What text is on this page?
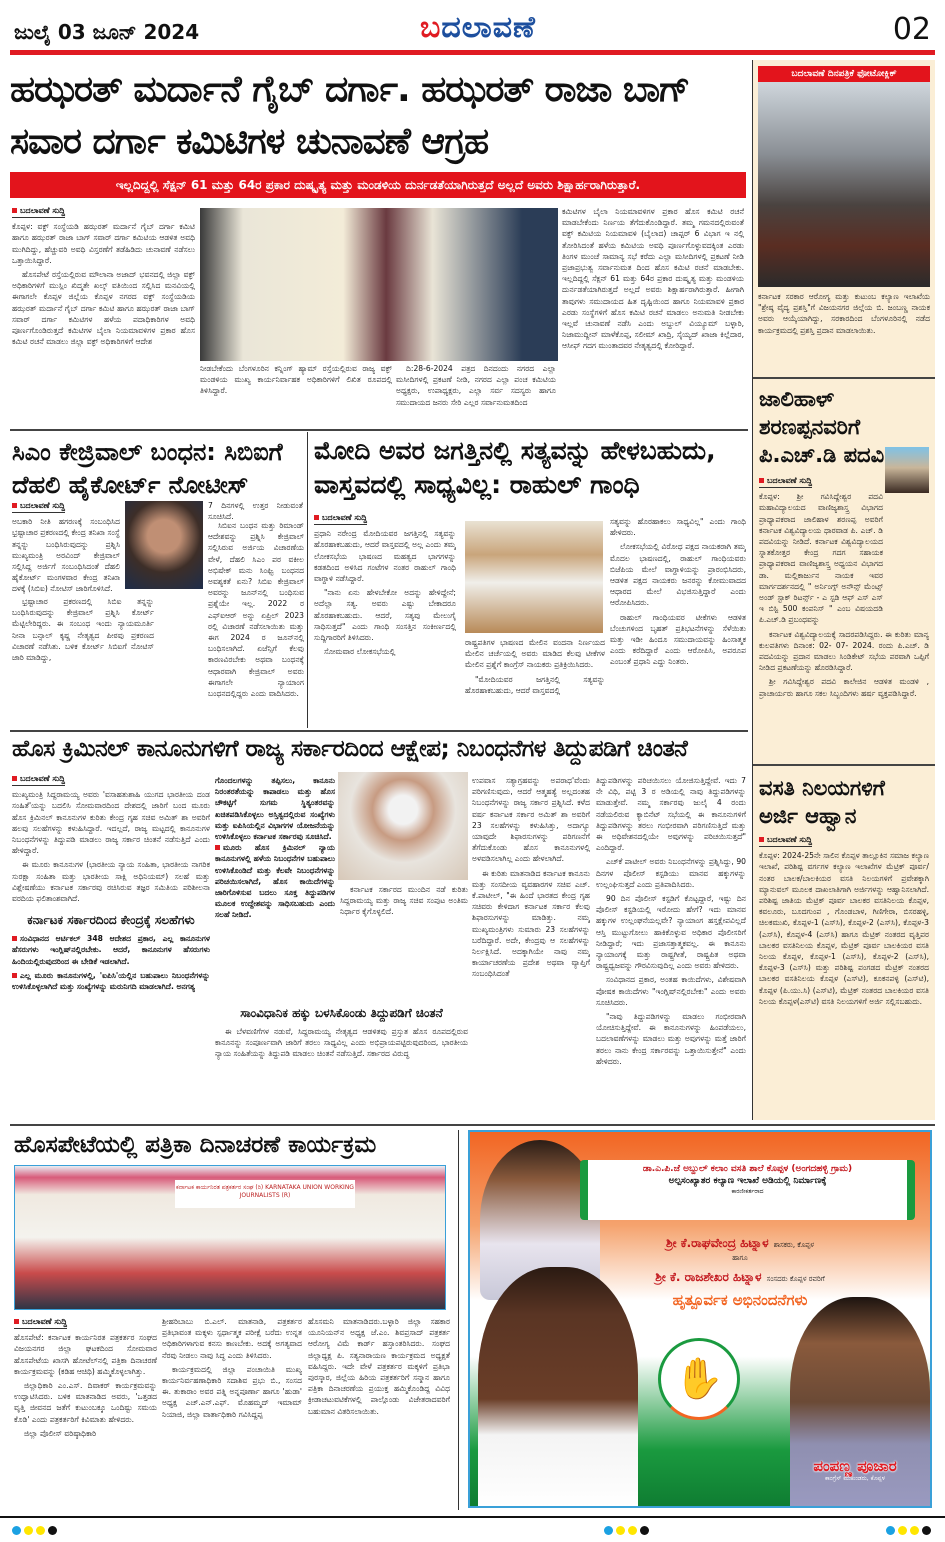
ಜುಲೈ 03 ಜೂನ್ 2024	ಬದಲಾವಣೆ	02
ಹಝರತ್ ಮರ್ದಾನೆ ಗೈಬ್ ದರ್ಗಾ. ಹಝರತ್ ರಾಜಾ ಬಾಗ್ ಸವಾರ ದರ್ಗಾ ಕಮಿಟಿಗಳ ಚುನಾವಣೆ ಆಗ್ರಹ
ಇಲ್ಲದಿದ್ದಲ್ಲಿ ಸೆಕ್ಷನ್ 61 ಮತ್ತು 64ರ ಪ್ರಕಾರ ದುಷ್ಕೃತ್ಯ ಮತ್ತು ಮಂಡಳಿಯ ದುರ್ನಡತೆಯಾಗಿರುತ್ತದೆ ಅಲ್ಲದೆ ಅವರು ಶಿಕ್ಷಾರ್ಹರಾಗಿರುತ್ತಾರೆ.
ಬದಲಾವಣೆ ಸುದ್ದಿ

ಕೊಪ್ಪಳ: ವಕ್ಫ್ ಸಂಸ್ಥೆಯಡಿ ಹಝರತ್ ಮರ್ದಾನೆ ಗೈಬ್ ದರ್ಗಾ ಕಮಿಟಿ ಹಾಗೂ ಹಝರತ್ ರಾಜಾ ಬಾಗ್ ಸವಾರ್ ದರ್ಗಾ ಕಮಿಟಿಯ ಆಡಳಿತ ಅವಧಿ ಮುಗಿದಿದ್ದು, ಹೆಚ್ಚುವರಿ ಅವಧಿ ವಿಸ್ತರಣೆಗೆ ತಡೆಹಿಡಿದು ಚುನಾವಣೆ ನಡೆಸಲು ಒತ್ತಾಯಿಸಿದ್ದಾರೆ.

ಹೊಸಪೇಟೆ ರಸ್ತೆಯಲ್ಲಿರುವ ಮೌಲಾನಾ ಅಜಾದ್ ಭವನದಲ್ಲಿ ಜಿಲ್ಲಾ ವಕ್ಫ್ ಅಧಿಕಾರಿಗಳಿಗೆ ಮುಸ್ಲಿಂ ಖಿದ್ಮತೇ ಖಲ್ಕ್ ವತಿಯಿಂದ ಸಲ್ಲಿಸಿದ ಮನವಿಯಲ್ಲಿ ಈಗಾಗಲೇ ಕೊಪ್ಪಳ ಜಿಲ್ಲೆಯ ಕೊಪ್ಪಳ ನಗರದ ವಕ್ಫ್ ಸಂಸ್ಥೆಯಡಿಯ ಹಝರತ್ ಮರ್ದಾನೆ ಗೈಬ್ ದರ್ಗಾ ಕಮಿಟಿ ಹಾಗೂ ಹಝರತ್ ರಾಜಾ ಬಾಗ್ ಸವಾರ್ ದರ್ಗಾ ಕಮಿಟಿಗಳ ಹಳೆಯ ಪದಾಧಿಕಾರಿಗಳ ಅವಧಿ ಪೂರ್ಣಗೊಂಡಿರುತ್ತದೆ ಕಮಿಟಿಗಳ ಬೈಲಾ ನಿಯಮಾವಳಿಗಳ ಪ್ರಕಾರ ಹೊಸ ಕಮಿಟಿ ರಚನೆ ಮಾಡಲು ಜಿಲ್ಲಾ ವಕ್ಫ್ ಅಧಿಕಾರಿಗಳಿಗೆ ಆದೇಶ

ನೀಡಬೇಕೆಂದು ಬೆಂಗಳೂರಿನ ಕನ್ನಿಂಗ್ ಹ್ಯಾಮ್ ರಸ್ತೆಯಲ್ಲಿರುವ ರಾಜ್ಯ ವಕ್ಫ್ ಮಂಡಳಿಯ ಮುಖ್ಯ ಕಾರ್ಯನಿರ್ವಾಹಕ ಅಧಿಕಾರಿಗಳಿಗೆ ಲಿಖಿತ ರೂಪದಲ್ಲಿ ತಿಳಿಸಿದ್ದಾರೆ.

ದಿ:28-6-2024 ಪತ್ರದ ದಿನದಂದು ನಗರದ ಎಲ್ಲಾ ಮಸೀದಿಗಳಲ್ಲಿ ಪ್ರಕಟಣೆ ನೀಡಿ, ನಗರದ ಎಲ್ಲಾ ಪಂಚ ಕಮಿಟಿಯ ಅಧ್ಯಕ್ಷರು, ಉಪಾಧ್ಯಕ್ಷರು, ಎಲ್ಲಾ ಸರ್ವ ಸದಸ್ಯರು ಹಾಗೂ ಸಮುದಾಯದ ಜನರು ಸೇರಿ ಎಲ್ಲರ ಸರ್ವಾನುಮತದಿಂದ

ಕಮಿಟಿಗಳ ಬೈಲಾ ನಿಯಮಾವಳಿಗಳ ಪ್ರಕಾರ ಹೊಸ ಕಮಿಟಿ ರಚನೆ ಮಾಡಬೇಕೆಂದು ನಿರ್ಣಯ ತೆಗೆದುಕೊಂಡಿದ್ದಾರೆ. ತಮ್ಮ ಗಮನದಲ್ಲಿರುವಂತೆ ವಕ್ಫ್ ಕಮಿಟಿಯ ನಿಯಮಾವಳಿ (ಬೈಲಾದ) ಚಾಪ್ಟರ್ 6 ವಿಭಾಗ ಇ ನಲ್ಲಿ ತೋರಿಸಿದಂತೆ ಹಳೆಯ ಕಮಿಟಿಯ ಅವಧಿ ಪೂರ್ಣಗೊಳ್ಳುವದಕ್ಕಿಂತ ಎರಡು ತಿಂಗಳ ಮುಂಚೆ ಸಾಮಾನ್ಯ ಸಭೆ ಕರೆದು ಎಲ್ಲಾ ಮಸೀದಿಗಳಲ್ಲಿ ಪ್ರಕಟಣೆ ನೀಡಿ ಪ್ರಜಾಪ್ರಭುತ್ವ ಸರ್ವಾನುಮತ ದಿಂದ ಹೊಸ ಕಮಿಟಿ ರಚನೆ ಮಾಡಬೇಕು. ಇಲ್ಲದಿದ್ದಲ್ಲಿ ಸೆಕ್ಷನ್ 61 ಮತ್ತು 64ರ ಪ್ರಕಾರ ದುಷ್ಕೃತ್ಯ ಮತ್ತು ಮಂಡಳಿಯ ದುರ್ನಡತೆಯಾಗಿರುತ್ತದೆ ಅಲ್ಲದೆ ಅವರು ಶಿಕ್ಷಾರ್ಹರಾಗಿರುತ್ತಾರೆ. ಹೀಗಾಗಿ ತಾವುಗಳು ಸಮುದಾಯದ ಹಿತ ದೃಷ್ಟಿಯಿಂದ ಹಾಗೂ ನಿಯಮಾವಳಿ ಪ್ರಕಾರ ಎರಡು ಸಂಸ್ಥೆಗಳಿಗೆ ಹೊಸ ಕಮಿಟಿ ರಚನೆ ಮಾಡಲು ಅನುಮತಿ ನೀಡಬೇಕು ಇಲ್ಲವೆ ಚುನಾವಣೆ ನಡೆಸಿ ಎಂದು ಅಬ್ದುಲ್ ವಿಯ್ಯೂಮ್ ಬಳ್ಳಾರಿ, ನಿಜಾಮುದ್ದೀನ್ ಮಾಳೆಕೊಪ್ಪ, ಸಲೀಮ್ ಖಾದ್ರಿ, ಸೈಯ್ಯದ್ ಖಾಜಾ ಕಿಲ್ಲೆದಾರ, ಆಸೀಫ್ ಗದಗ ಮುಂತಾದವರ ನೇತೃತ್ವದಲ್ಲಿ ಕೋರಿದ್ದಾರೆ.

ಬದಲಾವಣೆ ದಿನಪತ್ರಿಕೆ ಫೋಟೋಕ್ಲಿಕ್

ಕರ್ನಾಟಕ ಸರಕಾರ ಆರೋಗ್ಯ ಮತ್ತು ಕುಟುಂಬ ಕಲ್ಯಾಣ ಇಲಾಖೆಯ "ಶ್ರೇಷ್ಠ ವೈದ್ಯ ಪ್ರಶಸ್ತಿ"ಗೆ ವಿಜಯನಗರ ಜಿಲ್ಲೆಯ ಬಿ. ಜಂಬಣ್ಣ ನಾಯಕ ಅವರು ಆಯ್ಕೆಯಾಗಿದ್ದು, ಸರಕಾರದಿಂದ ಬೆಂಗಳೂರಿನಲ್ಲಿ ನಡೆದ ಕಾರ್ಯಕ್ರಮದಲ್ಲಿ ಪ್ರಶಸ್ತಿ ಪ್ರದಾನ ಮಾಡಲಾಯಿತು.

ಜಾಲಿಹಾಳ್ ಶರಣಪ್ಪನವರಿಗೆ ಪಿ.ಎಚ್.ಡಿ ಪದವಿ
ಬದಲಾವಣೆ ಸುದ್ದಿ

ಕೊಪ್ಪಳ: ಶ್ರೀ ಗವಿಸಿದ್ದೇಶ್ವರ ಪದವಿ ಮಹಾವಿದ್ಯಾಲಯದ ವಾಣಿಜ್ಯಶಾಸ್ತ್ರ ವಿಭಾಗದ ಪ್ರಾಧ್ಯಾಪಕರಾದ ಜಾಲಿಹಾಳ ಶರಣಪ್ಪ ಅವರಿಗೆ ಕರ್ನಾಟಕ ವಿಶ್ವವಿದ್ಯಾಲಯ ಧಾರವಾಡ ಪಿ. ಎಚ್. ಡಿ ಪದವಿಯನ್ನು ನೀಡಿದೆ. ಕರ್ನಾಟಕ ವಿಶ್ವವಿದ್ಯಾಲಯದ ಸ್ನಾತಕೋತ್ತರ ಕೇಂದ್ರ ಗದಗ ಸಹಾಯಕ ಪ್ರಾಧ್ಯಾಪಕರಾದ ವಾಣಿಜ್ಯಶಾಸ್ತ್ರ ಅಧ್ಯಯನ ವಿಭಾಗದ ಡಾ. ಮಲ್ಲಿಕಾರ್ಜುನ ನಾಯಕ ಇವರ ಮಾರ್ಗದರ್ಶನದಲ್ಲಿ " ಅರ್ನಿಂಗ್ಸ್ ಅನೌನ್ಸ್ ಮೆಂಟ್ಸ್ ಅಂಡ್ ಸ್ಟಾಕ್ ರಿಟರ್ನ್ಸ್ - ಎ ಸ್ಟಡಿ ಆಫ್ ಎಸ್ ಎಸ್ ಇ ಬಿಸ್ಟಿ 500 ಕಂಪನಿಸ್ " ಎಂಬ ವಿಷಯದಡಿ ಪಿ.ಎಚ್.ಡಿ ಪ್ರಬಂಧವನ್ನು

ಕರ್ನಾಟಕ ವಿಶ್ವವಿದ್ಯಾಲಯಕ್ಕೆ ಸಾದರಪಡಿಸಿದ್ದರು. ಈ ಕುರಿತು ಮಾನ್ಯ ಕುಲಪತಿಗಳು ದಿನಾಂಕ: 02- 07- 2024. ರಂದು ಪಿ.ಎಚ್. ಡಿ ಪದವಿಯನ್ನು ಪ್ರದಾನ ಮಾಡಲು ಸಿಂಡಿಕೇಟ್ ಸಭೆಯ ಪರವಾಗಿ ಒಪ್ಪಿಗೆ ನೀಡಿದ ಪ್ರಕಟಣೆಯನ್ನು ಹೊರಡಿಸಿದ್ದಾರೆ.

ಶ್ರೀ ಗವಿಸಿದ್ದೇಶ್ವರ ಪದವಿ ಕಾಲೇಜಿನ ಆಡಳಿತ ಮಂಡಳಿ , ಪ್ರಾಚಾರ್ಯರು ಹಾಗೂ ಸಕಲ ಸಿಬ್ಬಂದಿಗಳು ಹರ್ಷ ವ್ಯಕ್ತಪಡಿಸಿದ್ದಾರೆ.

ವಸತಿ ನಿಲಯಗಳಿಗೆ ಅರ್ಜಿ ಆಹ್ವಾನ
ಬದಲಾವಣೆ ಸುದ್ದಿ

ಕೊಪ್ಪಳ: 2024-25ನೇ ಸಾಲಿನ ಕೊಪ್ಪಳ ತಾಲ್ಲೂಕಿನ ಸಮಾಜ ಕಲ್ಯಾಣ ಇಲಾಖೆ, ಪರಿಶಿಷ್ಟ ವರ್ಗಗಳ ಕಲ್ಯಾಣ ಇಲಾಖೆಗಳ ಮೆಟ್ರಿಕ್ ಪೂರ್ವ/ನಂತರ ಬಾಲಕ/ಬಾಲಕಿಯರ ವಸತಿ ನಿಲಯಗಳಿಗೆ ಪ್ರವೇಶಕ್ಕಾಗಿ ಮ್ಯಾನುವಲ್ ಮೂಲಕ ದಾಖಲಾತಿಗಾಗಿ ಅರ್ಜಿಗಳನ್ನು ಆಹ್ವಾನಿಸಲಾಗಿದೆ. ಪರಿಶಿಷ್ಟ ಜಾತಿಯ ಮೆಟ್ರಿಕ್ ಪೂರ್ವ ಬಾಲಕರ ವಸತಿನಿಲಯ ಕೊಪ್ಪಳ, ಕವಲೂರು, ಬೂದಗುಂಪ , ಗೊಂಡಬಾಳ, ಗಿಣಿಗೇರಾ, ಬಿಸರಹಳ್ಳಿ, ಚಿಲಕಮುಖಿ, ಕೊಪ್ಪಳ-1 (ಎಸ್‌ಸಿ), ಕೊಪ್ಪಳ-2 (ಎಸ್‌ಸಿ), ಕೊಪ್ಪಳ-3 (ಎಸ್‌ಸಿ), ಕೊಪ್ಪಳ-4 (ಎಸ್‌ಸಿ) ಹಾಗೂ ಮೆಟ್ರಿಕ್ ನಂತರದ ವೃತ್ತಿಪರ ಬಾಲಕರ ವಸತಿನಿಲಯ ಕೊಪ್ಪಳ, ಮೆಟ್ರಿಕ್ ಪೂರ್ವ ಬಾಲಕಿಯರ ವಸತಿ ನಿಲಯ ಕೊಪ್ಪಳ, ಕೊಪ್ಪಳ-1 (ಎಸ್‌ಸಿ), ಕೊಪ್ಪಳ-2 (ಎಸ್‌ಸಿ), ಕೊಪ್ಪಳ-3 (ಎಸ್‌ಸಿ) ಮತ್ತು ಪರಿಶಿಷ್ಟ ಪಂಗಡದ ಮೆಟ್ರಿಕ್ ನಂತರದ ಬಾಲಕರ ವಸತಿನಿಲಯ ಕೊಪ್ಪಳ (ಎಸ್‌ಟಿ), ಕೂಕನಪಳ್ಳಿ (ಎಸ್‌ಟಿ), ಕೊಪ್ಪಳ (ಪಿ.ಯು.ಸಿ) (ಎಸ್‌ಟಿ), ಮೆಟ್ರಿಕ್ ನಂತರದ ಬಾಲಕಿಯರ ವಸತಿ ನಿಲಯ ಕೊಪ್ಪಳ(ಎಸ್‌ಟಿ) ವಸತಿ ನಿಲಯಗಳಿಗೆ ಅರ್ಜಿ ಸಲ್ಲಿಸಬಹುದು.

ಸಿಎಂ ಕೇಜ್ರಿವಾಲ್ ಬಂಧನ: ಸಿಬಿಐಗೆ ದೆಹಲಿ ಹೈಕೋರ್ಟ್ ನೋಟೀಸ್
ಬದಲಾವಣೆ ಸುದ್ದಿ

ಅಬಕಾರಿ ನೀತಿ ಹಗರಣಕ್ಕೆ ಸಂಬಂಧಿಸಿದ ಭ್ರಷ್ಟಾಚಾರ ಪ್ರಕರಣದಲ್ಲಿ ಕೇಂದ್ರ ತನಿಖಾ ಸಂಸ್ಥೆ ತನ್ನನ್ನು ಬಂಧಿಸಿರುವುದನ್ನು ಪ್ರಶ್ನಿಸಿ ಮುಖ್ಯಮಂತ್ರಿ ಅರವಿಂದ್ ಕೇಜ್ರಿವಾಲ್ ಸಲ್ಲಿಸಿದ್ದ ಅರ್ಜಿಗೆ ಸಂಬಂಧಿಸಿದಂತೆ ದೆಹಲಿ ಹೈಕೋರ್ಟ್ ಮಂಗಳವಾರ ಕೇಂದ್ರ ತನಿಖಾ ದಳಕ್ಕೆ (ಸಿಬಿಐ) ನೋಟಿಸ್ ಜಾರಿಗೊಳಿಸಿದೆ.

ಭ್ರಷ್ಟಾಚಾರ ಪ್ರಕರಣದಲ್ಲಿ ಸಿಬಿಐ ತನ್ನನ್ನು ಬಂಧಿಸಿರುವುದನ್ನು ಕೇಜ್ರಿವಾಲ್ ಪ್ರಶ್ನಿಸಿ ಕೋರ್ಟ್ ಮೆಟ್ಟಿಲೇರಿದ್ದರು. ಈ ಸಂಬಂಧ ಇಂದು ನ್ಯಾಯಮೂರ್ತಿ ನೀನಾ ಬನ್ಸಾಲ್ ಕೃಷ್ಣ ನೇತೃತ್ವದ ಪೀಠವು ಪ್ರಕರಣದ ವಿಚಾರಣೆ ನಡೆಸಿತು. ಬಳಿಕ ಕೋರ್ಟ್ ಸಿಬಿಐಗೆ ನೋಟಿಸ್ ಜಾರಿ ಮಾಡಿದ್ದು,

7 ದಿನಗಳಲ್ಲಿ ಉತ್ತರ ನೀಡುವಂತೆ ಸೂಚಿಸಿದೆ.

ಸಿಬಿಐನ ಬಂಧನ ಮತ್ತು ರಿಮಾಂಡ್ ಆದೇಶವನ್ನು ಪ್ರಶ್ನಿಸಿ ಕೇಜ್ರಿವಾಲ್ ಸಲ್ಲಿಸಿರುವ ಅರ್ಜಿಯ ವಿಚಾರಣೆಯ ವೇಳೆ, ದೆಹಲಿ ಸಿಎಂ ಪರ ವಕೀಲ ಅಭಿಷೇಕ್ ಮನು ಸಿಂಘ್ವಿ ಬಂಧನದ ಅವಶ್ಯಕತೆ ಏನು? ಸಿಬಿಐ ಕೇಜ್ರಿವಾಲ್ ಅವರನ್ನು ಜೂನ್‌ನಲ್ಲಿ ಬಂಧಿಸುವ ಪ್ರಶ್ನೆಯೇ ಇಲ್ಲ. 2022 ರ ಎಫ್‌ಐಆರ್ ಅನ್ನು ಏಪ್ರಿಲ್ 2023 ರಲ್ಲಿ ವಿಚಾರಣೆ ನಡೆಸಲಾಯಿತು ಮತ್ತು ಈಗ 2024 ರ ಜೂನ್‌ನಲ್ಲಿ ಬಂಧಿಸಲಾಗಿದೆ. ಏಜೆನ್ಸಿಗೆ ಕೆಲವು ಕಾರಣವಿರಬೇಕು ಅಥವಾ ಬಂಧನಕ್ಕೆ ಆಧಾರವಾಗಿ ಕೇಜ್ರಿವಾಲ್ ಅವರು ಈಗಾಗಲೇ ನ್ಯಾಯಾಂಗ ಬಂಧನದಲ್ಲಿದ್ದರು ಎಂದು ವಾದಿಸಿದರು.

ಮೋದಿ ಅವರ ಜಗತ್ತಿನಲ್ಲಿ ಸತ್ಯವನ್ನು ಹೇಳಬಹುದು, ವಾಸ್ತವದಲ್ಲಿ ಸಾಧ್ಯವಿಲ್ಲ: ರಾಹುಲ್ ಗಾಂಧಿ
ಬದಲಾವಣೆ ಸುದ್ದಿ

ಪ್ರಧಾನಿ ನರೇಂದ್ರ ಮೋದಿಯವರ ಜಗತ್ತಿನಲ್ಲಿ ಸತ್ಯವನ್ನು ಹೊರಹಾಕಬಹುದು, ಆದರೆ ವಾಸ್ತವದಲ್ಲಿ ಅಲ್ಲ ಎಂದು ತಮ್ಮ ಲೋಕಸಭೆಯ ಭಾಷಣದ ಮಹತ್ವದ ಭಾಗಗಳನ್ನು ಕಡತದಿಂದ ಅಳಿಸಿದ ಗಂಟೆಗಳ ನಂತರ ರಾಹುಲ್ ಗಾಂಧಿ ವಾಗ್ದಾಳಿ ನಡೆಸಿದ್ದಾರೆ.

"ನಾನು ಏನು ಹೇಳಬೇಕೋ ಅದನ್ನು ಹೇಳಿದ್ದೇನೆ; ಅದೆಲ್ಲಾ ಸತ್ಯ. ಅವರು ಎಷ್ಟು ಬೇಕಾದರೂ ಹೊರಹಾಕಬಹುದು. ಆದರೆ, ಸತ್ಯವು ಮೇಲುಗೈ ಸಾಧಿಸುತ್ತದೆ" ಎಂದು ಗಾಂಧಿ ಸಂಸತ್ತಿನ ಸಂಕೀರ್ಣದಲ್ಲಿ ಸುದ್ದಿಗಾರರಿಗೆ ತಿಳಿಸಿದರು.

ಸೋಮವಾರ ಲೋಕಸಭೆಯಲ್ಲಿ

ರಾಷ್ಟ್ರಪತಿಗಳ ಭಾಷಣದ ಮೇಲಿನ ವಂದನಾ ನಿರ್ಣಯದ ಮೇಲಿನ ಚರ್ಚೆಯಲ್ಲಿ ಅವರು ಮಾಡಿದ ಕೆಲವು ಟೀಕೆಗಳ ಮೇಲಿನ ಪ್ರಶ್ನೆಗೆ ಕಾಂಗ್ರೆಸ್ ನಾಯಕರು ಪ್ರತಿಕ್ರಿಯಿಸಿದರು.

"ಮೋದಿಯವರ ಜಗತ್ತಿನಲ್ಲಿ ಸತ್ಯವನ್ನು ಹೊರಹಾಕಬಹುದು, ಆದರೆ ವಾಸ್ತವದಲ್ಲಿ

ಸತ್ಯವನ್ನು ಹೊರಹಾಕಲು ಸಾಧ್ಯವಿಲ್ಲ" ಎಂದು ಗಾಂಧಿ ಹೇಳಿದರು.

ಲೋಕಸಭೆಯಲ್ಲಿ ವಿರೋಧ ಪಕ್ಷದ ನಾಯಕರಾಗಿ ತಮ್ಮ ಮೊದಲ ಭಾಷಣದಲ್ಲಿ, ರಾಹುಲ್ ಗಾಂಧಿಯವರು ಬಿಜೆಪಿಯ ಮೇಲೆ ವಾಗ್ದಾಳಿಯನ್ನು ಪ್ರಾರಂಭಿಸಿದರು, ಆಡಳಿತ ಪಕ್ಷದ ನಾಯಕರು ಜನರನ್ನು ಕೋಮುವಾದದ ಆಧಾರದ ಮೇಲೆ ವಿಭಜಿಸುತ್ತಿದ್ದಾರೆ ಎಂದು ಆರೋಪಿಸಿದರು.

ರಾಹುಲ್ ಗಾಂಧಿಯವರ ಟೀಕೆಗಳು ಆಡಳಿತ ಬೆಂಚುಗಳಿಂದ ಬೃಹತ್ ಪ್ರತಿಭಟನೆಗಳನ್ನು ಸೆಳೆಯಿತು ಮತ್ತು ಇಡೀ ಹಿಂದೂ ಸಮುದಾಯವನ್ನು ಹಿಂಸಾತ್ಮಕ ಎಂದು ಕರೆದಿದ್ದಾರೆ ಎಂದು ಆರೋಪಿಸಿ, ಅಪರೂಪ ಎಂಬಂತೆ ಪ್ರಧಾನಿ ಎದ್ದು ನಿಂತರು.

ಹೊಸ ಕ್ರಿಮಿನಲ್ ಕಾನೂನುಗಳಿಗೆ ರಾಜ್ಯ ಸರ್ಕಾರದಿಂದ ಆಕ್ಷೇಪ; ನಿಬಂಧನೆಗಳ ತಿದ್ದುಪಡಿಗೆ ಚಿಂತನೆ
ಬದಲಾವಣೆ ಸುದ್ದಿ

ಮುಖ್ಯಮಂತ್ರಿ ಸಿದ್ದರಾಮಯ್ಯ ಅವರು 'ವಸಾಹತುಶಾಹಿ ಯುಗದ ಭಾರತೀಯ ದಂಡ ಸಂಹಿತೆ'ಯನ್ನು ಬದಲಿಸಿ ಸೋಮವಾರದಿಂದ ದೇಶದಲ್ಲಿ ಜಾರಿಗೆ ಬಂದ ಮೂರು ಹೊಸ ಕ್ರಿಮಿನಲ್ ಕಾನೂನುಗಳ ಕುರಿತು ಕೇಂದ್ರ ಗೃಹ ಸಚಿವ ಅಮಿತ್ ಶಾ ಅವರಿಗೆ ಹಲವು ಸಲಹೆಗಳನ್ನು ಕಳುಹಿಸಿದ್ದಾರೆ. ಇದಲ್ಲದೆ, ರಾಜ್ಯ ಮಟ್ಟದಲ್ಲಿ ಕಾನೂನುಗಳ ನಿಬಂಧನೆಗಳನ್ನು ತಿದ್ದುಪಡಿ ಮಾಡಲು ರಾಜ್ಯ ಸರ್ಕಾರ ಚಿಂತನೆ ನಡೆಸುತ್ತಿದೆ ಎಂದು ಹೇಳಿದ್ದಾರೆ.

ಈ ಮೂರು ಕಾನೂನುಗಳ (ಭಾರತೀಯ ನ್ಯಾಯ ಸಂಹಿತಾ, ಭಾರತೀಯ ನಾಗರಿಕ ಸುರಕ್ಷಾ ಸಂಹಿತಾ ಮತ್ತು ಭಾರತೀಯ ಸಾಕ್ಷಿ ಅಧಿನಿಯಮ್) ಸಲಹೆ ಮತ್ತು ವಿಶ್ಲೇಷಣೆಯು ಕರ್ನಾಟಕ ಸರ್ಕಾರವು ರಚಿಸಿರುವ ತಜ್ಞರ ಸಮಿತಿಯ ಪರಿಶೀಲನಾ ವರದಿಯ ಫಲಿತಾಂಶವಾಗಿದೆ.

ಕರ್ನಾಟಕ ಸರ್ಕಾರದಿಂದ ಕೇಂದ್ರಕ್ಕೆ ಸಲಹೆಗಳು
ಸಂವಿಧಾನದ ಆರ್ಟಿಕಲ್ 348 ಆದೇಶದ ಪ್ರಕಾರ, ಎಲ್ಲ ಕಾನೂನುಗಳ ಹೆಸರುಗಳು ಇಂಗ್ಲಿಷ್‌ನಲ್ಲಿರಬೇಕು. ಆದರೆ, ಕಾನೂನುಗಳ ಹೆಸರುಗಳು ಹಿಂದಿಯಲ್ಲಿರುವುದರಿಂದ ಈ ಬೇಡಿಕೆ ಇಡಲಾಗಿದೆ.
ಎಲ್ಲ ಮೂರು ಕಾನೂನುಗಳಲ್ಲಿ, 'ಐಪಿಸಿ'ಯಲ್ಲಿನ ಬಹುಪಾಲು ನಿಬಂಧನೆಗಳನ್ನು ಉಳಿಸಿಕೊಳ್ಳಲಾಗಿದೆ ಮತ್ತು ಸಂಖ್ಯೆಗಳನ್ನು ಮರುನಿಗದಿ ಮಾಡಲಾಗಿದೆ. ಅನಗತ್ಯ
ಗೊಂದಲಗಳನ್ನು ತಪ್ಪಿಸಲು, ಕಾನೂನು ನಿರಂತರತೆಯನ್ನು ಕಾಪಾಡಲು ಮತ್ತು ಹೊಸ ಚೌಕಟ್ಟಿಗೆ ಸುಗಮ ಸ್ಥಿತ್ಯಂತರವನ್ನು ಖಚಿತಪಡಿಸಿಕೊಳ್ಳಲು ಅಸ್ತಿತ್ವದಲ್ಲಿರುವ ಸಂಖ್ಯೆಗಳು ಮತ್ತು ಐಪಿಸಿಯಲ್ಲಿನ ವಿಭಾಗಗಳ ಯೋಜನೆಯನ್ನು ಉಳಿಸಿಕೊಳ್ಳಲು ಕರ್ನಾಟಕ ಸರ್ಕಾರವು ಸೂಚಿಸಿದೆ.
ಮೂರು ಹೊಸ ಕ್ರಿಮಿನಲ್ ನ್ಯಾಯ ಕಾನೂನುಗಳಲ್ಲಿ ಹಳೆಯ ನಿಬಂಧನೆಗಳ ಬಹುಪಾಲು ಉಳಿಸಿಕೊಂಡಿದೆ ಮತ್ತು ಕೆಲವೇ ನಿಬಂಧನೆಗಳನ್ನು ಪರಿಚಯಿಸಲಾಗಿದೆ, ಹೊಸ ಕಾಯಿದೆಗಳನ್ನು ಜಾರಿಗೊಳಿಸುವ ಬದಲು ಸೂಕ್ತ ತಿದ್ದುಪಡಿಗಳ ಮೂಲಕ ಉದ್ದೇಶವನ್ನು ಸಾಧಿಸಬಹುದು ಎಂದು ಸಲಹೆ ನೀಡಿದೆ.
ಸಾಂವಿಧಾನಿಕ ಹಕ್ಕು ಬಳಸಿಕೊಂಡು ತಿದ್ದುಪಡಿಗೆ ಚಿಂತನೆ

ಈ ಬೆಳವಣಿಗೆಗಳ ನಡುವೆ, ಸಿದ್ದರಾಮಯ್ಯ ನೇತೃತ್ವದ ಆಡಳಿತವು ಪ್ರಸ್ತುತ ಹೊಸ ರೂಪದಲ್ಲಿರುವ ಕಾನೂನನ್ನು ಸಂಪೂರ್ಣವಾಗಿ ಜಾರಿಗೆ ತರಲು ಸಾಧ್ಯವಿಲ್ಲ ಎಂದು ಅಭಿಪ್ರಾಯಪಟ್ಟಿರುವುದರಿಂದ, ಭಾರತೀಯ ನ್ಯಾಯ ಸಂಹಿತೆಯನ್ನು ತಿದ್ದುಪಡಿ ಮಾಡಲು ಚಿಂತನೆ ನಡೆಸುತ್ತಿದೆ. ಸರ್ಕಾರದ ವಿರುದ್ಧ

ಕರ್ನಾಟಕ ಸರ್ಕಾರದ ಮುಂದಿನ ನಡೆ ಕುರಿತು ಸಿದ್ದರಾಮಯ್ಯ ಮತ್ತು ರಾಜ್ಯ ಸಚಿವ ಸಂಪುಟ ಅಂತಿಮ ನಿರ್ಧಾರ ಕೈಗೊಳ್ಳಲಿದೆ.

ಉಪವಾಸ ಸತ್ಯಾಗ್ರಹವನ್ನು ಅಪರಾಧ'ವೆಂದು ಪರಿಗಣಿಸುವುದು, ಆದರೆ ಆತ್ಮಹತ್ಯೆ ಅಲ್ಲದಂತಹ ನಿಬಂಧನೆಗಳನ್ನು ರಾಜ್ಯ ಸರ್ಕಾರ ಪ್ರಶ್ನಿಸಿದೆ. ಕಳೆದ ವರ್ಷ ಕರ್ನಾಟಕ ಸರ್ಕಾರ ಅಮಿತ್ ಶಾ ಅವರಿಗೆ 23 ಸಲಹೆಗಳನ್ನು ಕಳುಹಿಸಿತ್ತು, ಅದಾಗ್ಯೂ ಯಾವುದೇ ಶಿಫಾರಸುಗಳನ್ನು ಪರಿಗಣನೆಗೆ ತೆಗೆದುಕೊಂಡು ಹೊಸ ಕಾನೂನುಗಳಲ್ಲಿ ಅಳವಡಿಸಲಾಗಿಲ್ಲ ಎಂದು ಹೇಳಲಾಗಿದೆ.

ಈ ಕುರಿತು ಮಾತನಾಡಿದ ಕರ್ನಾಟಕ ಕಾನೂನು ಮತ್ತು ಸಂಸದೀಯ ವ್ಯವಹಾರಗಳ ಸಚಿವ ಎಚ್. ಕೆ.ಪಾಟೀಲ್, "ಈ ಹಿಂದೆ ಭಾರತದ ಕೇಂದ್ರ ಗೃಹ ಸಚಿವರು ಕೇಳಿದಾಗ ಕರ್ನಾಟಕ ಸರ್ಕಾರ ಕೆಲವು ಶಿಫಾರಸುಗಳನ್ನು ಮಾಡಿತ್ತು. ನಮ್ಮ ಮುಖ್ಯಮಂತ್ರಿಗಳು ಸುಮಾರು 23 ಸಲಹೆಗಳನ್ನು ಬರೆದಿದ್ದಾರೆ. ಅದೇ, ಕೇಂದ್ರವು ಆ ಸಲಹೆಗಳನ್ನು ನಿರ್ಲಕ್ಷಿಸಿದೆ. ಅದಕ್ಕಾಗಿಯೇ ನಾವು ನಮ್ಮ ಕಾರ್ಯಾಚರಣೆಯ ಪ್ರದೇಶ ಅಥವಾ ವ್ಯಾಪ್ತಿಗೆ ಸಂಬಂಧಿಸಿದಂತೆ

ತಿದ್ದುಪಡಿಗಳನ್ನು ಪರಿಚಯಿಸಲು ಯೋಜಿಸುತ್ತಿದ್ದೇವೆ. ಇದು 7 ನೇ ವಿಧಿ, ಪಟ್ಟಿ 3 ರ ಅಡಿಯಲ್ಲಿ ನಾವು ತಿದ್ದುಪಡಿಗಳನ್ನು ಮಾಡುತ್ತೇವೆ. ನಮ್ಮ ಸರ್ಕಾರವು ಜುಲೈ 4 ರಂದು ನಡೆಯಲಿರುವ ಕ್ಯಾಬಿನೆಟ್ ಸಭೆಯಲ್ಲಿ ಈ ಕಾನೂನುಗಳಿಗೆ ತಿದ್ದುಪಡಿಗಳನ್ನು ತರಲು ಗಂಭೀರವಾಗಿ ಪರಿಗಣಿಸುತ್ತಿದೆ ಮತ್ತು ಈ ಅಧಿವೇಶನದಲ್ಲಿಯೇ ಅವುಗಳನ್ನು ಪರಿಚಯಿಸುತ್ತದೆ" ಎಂದಿದ್ದಾರೆ.

ಎಚ್‌ಕೆ ಪಾಟೀಲ್ ಅವರು ನಿಬಂಧನೆಗಳನ್ನು ಪ್ರಶ್ನಿಸಿದ್ದು, 90 ದಿನಗಳ ಪೊಲೀಸ್ ಕಸ್ಟಡಿಯು ಮಾನವ ಹಕ್ಕುಗಳನ್ನು ಉಲ್ಲಂಘಿಸುತ್ತದೆ ಎಂದು ಪ್ರತಿಪಾದಿಸಿದರು.

90 ದಿನ ಪೊಲೀಸ್ ಕಸ್ಟಡಿಗೆ ಕೊಟ್ಟದ್ದಾರೆ, ಇಷ್ಟು ದಿನ ಪೊಲೀಸ್ ಕಸ್ಟಡಿಯಲ್ಲಿ ಇರೋದು ಹೇಗೆ? ಇದು ಮಾನವ ಹಕ್ಕುಗಳ ಉಲ್ಲಂಘನೆಯಲ್ಲವೇ? ನ್ಯಾಯಾಂಗ ಹಸ್ತಕ್ಷೇಪವಿಲ್ಲದೆ ಆಸ್ತಿ ಮುಟ್ಟುಗೋಲು ಹಾಕಿಕೊಳ್ಳುವ ಅಧಿಕಾರ ಪೊಲೀಸರಿಗೆ ನೀಡಿದ್ದಾರೆ; ಇದು ಪ್ರಜಾಸತ್ತಾತ್ಮಕವಲ್ಲ. ಈ ಕಾನೂನು ನ್ಯಾಯಾಂಗಕ್ಕೆ ಮತ್ತು ರಾಷ್ಟ್ರಗೀತೆ, ರಾಷ್ಟ್ರಪಿತ ಅಥವಾ ರಾಷ್ಟ್ರಧ್ವಜವನ್ನು ಗೌರವಿಸುವುದಿಲ್ಲ ಎಂದು ಅವರು ಹೇಳಿದರು.

ಸಂವಿಧಾನದ ಪ್ರಕಾರ, ಅಂತಹ ಕಾಯಿದೆಗಳು, ವಿಶೇಷವಾಗಿ ಪೋಷಕ ಕಾಯಿದೆಗಳು "ಇಂಗ್ಲಿಷ್‌ನಲ್ಲಿರಬೇಕು" ಎಂದು ಅವರು ಸೂಚಿಸಿದರು.

"ನಾವು ತಿದ್ದುಪಡಿಗಳನ್ನು ಮಾಡಲು ಗಂಭೀರವಾಗಿ ಯೋಚಿಸುತ್ತಿದ್ದೇವೆ. ಈ ಕಾನೂನುಗಳನ್ನು ಹಿಂಪಡೆಯಲು, ಬದಲಾವಣೆಗಳನ್ನು ಮಾಡಲು ಮತ್ತು ಅವುಗಳನ್ನು ಮತ್ತೆ ಜಾರಿಗೆ ತರಲು ನಾನು ಕೇಂದ್ರ ಸರ್ಕಾರವನ್ನು ಒತ್ತಾಯಿಸುತ್ತೇನೆ" ಎಂದು ಹೇಳಿದರು.

ಹೊಸಪೇಟೆಯಲ್ಲಿ ಪತ್ರಿಕಾ ದಿನಾಚರಣೆ ಕಾರ್ಯಕ್ರಮ
ಕರ್ನಾಟಕ ಕಾರ್ಯನಿರತ ಪತ್ರಕರ್ತರ ಸಂಘ (ರಿ) KARNATAKA UNION WORKING JOURNALISTS (R)
ಬದಲಾವಣೆ ಸುದ್ದಿ

ಹೊಸಪೇಟೆ: ಕರ್ನಾಟಕ ಕಾರ್ಯನಿರತ ಪತ್ರಕರ್ತರ ಸಂಘದ ವಿಜಯನಗರ ಜಿಲ್ಲಾ ಘಟಕದಿಂದ ಸೋಮವಾರ ಹೊಸಪೇಟೆಯ ಖಾಸಗಿ ಹೋಟೆಲ್‌ನಲ್ಲಿ ಪತ್ರಿಕಾ ದಿನಾಚರಣೆ ಕಾರ್ಯಕ್ರಮವನ್ನು (ಕಡಿಹ ಆಚಿಥಿ) ಹಮ್ಮಿಕೊಳ್ಳಲಾಗಿತ್ತು.

ಜಿಲ್ಲಾಧಿಕಾರಿ ಎಂ.ಎಸ್. ದಿವಾಕರ್ ಕಾರ್ಯಕ್ರಮವನ್ನು ಉದ್ಘಾಟಿಸಿದರು. ಬಳಿಕ ಮಾತನಾಡಿದ ಅವರು, 'ಒತ್ತಡದ ವೃತ್ತಿ ಜೀವನದ ಜತೆಗೆ ಕುಟುಂಬಕ್ಕೂ ಒಂದಿಷ್ಟು ಸಮಯ ಕೊಡಿ' ಎಂದು ಪತ್ರಕರ್ತರಿಗೆ ಕಿವಿಮಾತು ಹೇಳಿದರು.

ಜಿಲ್ಲಾ ಪೊಲೀಸ್ ವರಿಷ್ಠಾಧಿಕಾರಿ

ಶ್ರೀಹರಿಬಾಬು ಬಿ.ಎಲ್. ಮಾತನಾಡಿ, ಪತ್ರಕರ್ತರ ಪ್ರತಿಭಾವಂತ ಮಕ್ಕಳು ಸ್ಪರ್ಧಾತ್ಮಕ ಪರೀಕ್ಷೆ ಬರೆದು ಉನ್ನತ ಅಧಿಕಾರಿಗಳಾಗುವ ಕನಸು ಕಾಣಬೇಕು. ಅದಕ್ಕೆ ಅಗತ್ಯವಾದ ನೆರವು ನೀಡಲು ನಾವು ಸಿದ್ಧ ಎಂದು ತಿಳಿಸಿದರು.

ಕಾರ್ಯಕ್ರಮದಲ್ಲಿ ಜಿಲ್ಲಾ ಪಂಚಾಯಿತಿ ಮುಖ್ಯ ಕಾರ್ಯನಿರ್ವಹಣಾಧಿಕಾರಿ ಸದಾಶಿವ ಪ್ರಭು ಬಿ., ಸಂಸದ ಈ. ತುಕಾರಾಂ ಅವರ ಪತ್ನಿ ಅನ್ನಪೂರ್ಣಾ ಹಾಗೂ 'ಹುಡಾ' ಅಧ್ಯಕ್ಷ ಎಚ್.ಎನ್.ಎಫ್. ಮೊಹಮ್ಮದ್ ಇಮಾಮ್ ನಿಯಾಜಿ, ಜಿಲ್ಲಾ ವಾರ್ತಾಧಿಕಾರಿ ಗವಿಸಿದ್ದಪ್ಪ

ಹೊಸಮನಿ ಮಾತನಾಡಿದರು.ಬಳ್ಳಾರಿ ಜಿಲ್ಲಾ ಸಹಕಾರ ಯೂನಿಯನ್‌ನ ಅಧ್ಯಕ್ಷ ಜೆ.ಎಂ. ಶಿವಪ್ರಸಾದ್ ಪತ್ರಕರ್ತ ಆರೋಗ್ಯ ವಿಮೆ ಕಾರ್ಡ್ ಹಸ್ತಾಂತರಿಸಿದರು. ಸಂಘದ ಜಿಲ್ಲಾಧ್ಯಕ್ಷ ಪಿ. ಸತ್ಯನಾರಾಯಣ ಕಾರ್ಯಕ್ರಮದ ಅಧ್ಯಕ್ಷತೆ ವಹಿಸಿದ್ದರು. ಇದೇ ವೇಳೆ ಪತ್ರಕರ್ತರ ಮಕ್ಕಳಿಗೆ ಪ್ರತಿಭಾ ಪುರಸ್ಕಾರ, ಜಿಲ್ಲೆಯ ಹಿರಿಯ ಪತ್ರಕರ್ತರಿಗೆ ಸನ್ಮಾನ ಹಾಗೂ ಪತ್ರಿಕಾ ದಿನಾಚರಣೆಯ ಪ್ರಯುಕ್ತ ಹಮ್ಮಿಕೊಂಡಿದ್ದ ವಿವಿಧ ಕ್ರೀಡಾಚಟುವಟಿಕೆಗಳಲ್ಲಿ ಪಾಲ್ಗೊಂಡು ವಿಜೇತರಾದವರಿಗೆ ಬಹುಮಾನ ವಿತರಿಸಲಾಯಿತು.

ಡಾ.ಎ.ಪಿ.ಜೆ ಅಬ್ದುಲ್ ಕಲಾಂ ವಸತಿ ಶಾಲೆ ಕೊಪ್ಪಳ (ಅಂಗದಹಳ್ಳಿ ಗ್ರಾಮ)
ಅಲ್ಪಸಂಖ್ಯಾತರ ಕಲ್ಯಾಣ ಇಲಾಖೆ ಅಡಿಯಲ್ಲಿ ನಿರ್ಮಾಣಕ್ಕೆ
ಕಾರಣೀಕರ್ತರಾದ
ಶ್ರೀ ಕೆ.ರಾಘವೇಂದ್ರ ಹಿಟ್ನಾಳ ಶಾಸಕರು, ಕೊಪ್ಪಳ
ಹಾಗೂ
ಶ್ರೀ ಕೆ. ರಾಜಶೇಖರ ಹಿಟ್ನಾಳ ಸಂಸದರು ಕೊಪ್ಪಳ ರವರಿಗೆ
ಹೃತ್ಪೂರ್ವಕ ಅಭಿನಂದನೆಗಳು
✋
ಪಂಪಣ್ಣ ಪೂಜಾರ
ಕಾಂಗ್ರೆಸ್ ಮುಖಂಡರು, ಕೊಪ್ಪಳ
